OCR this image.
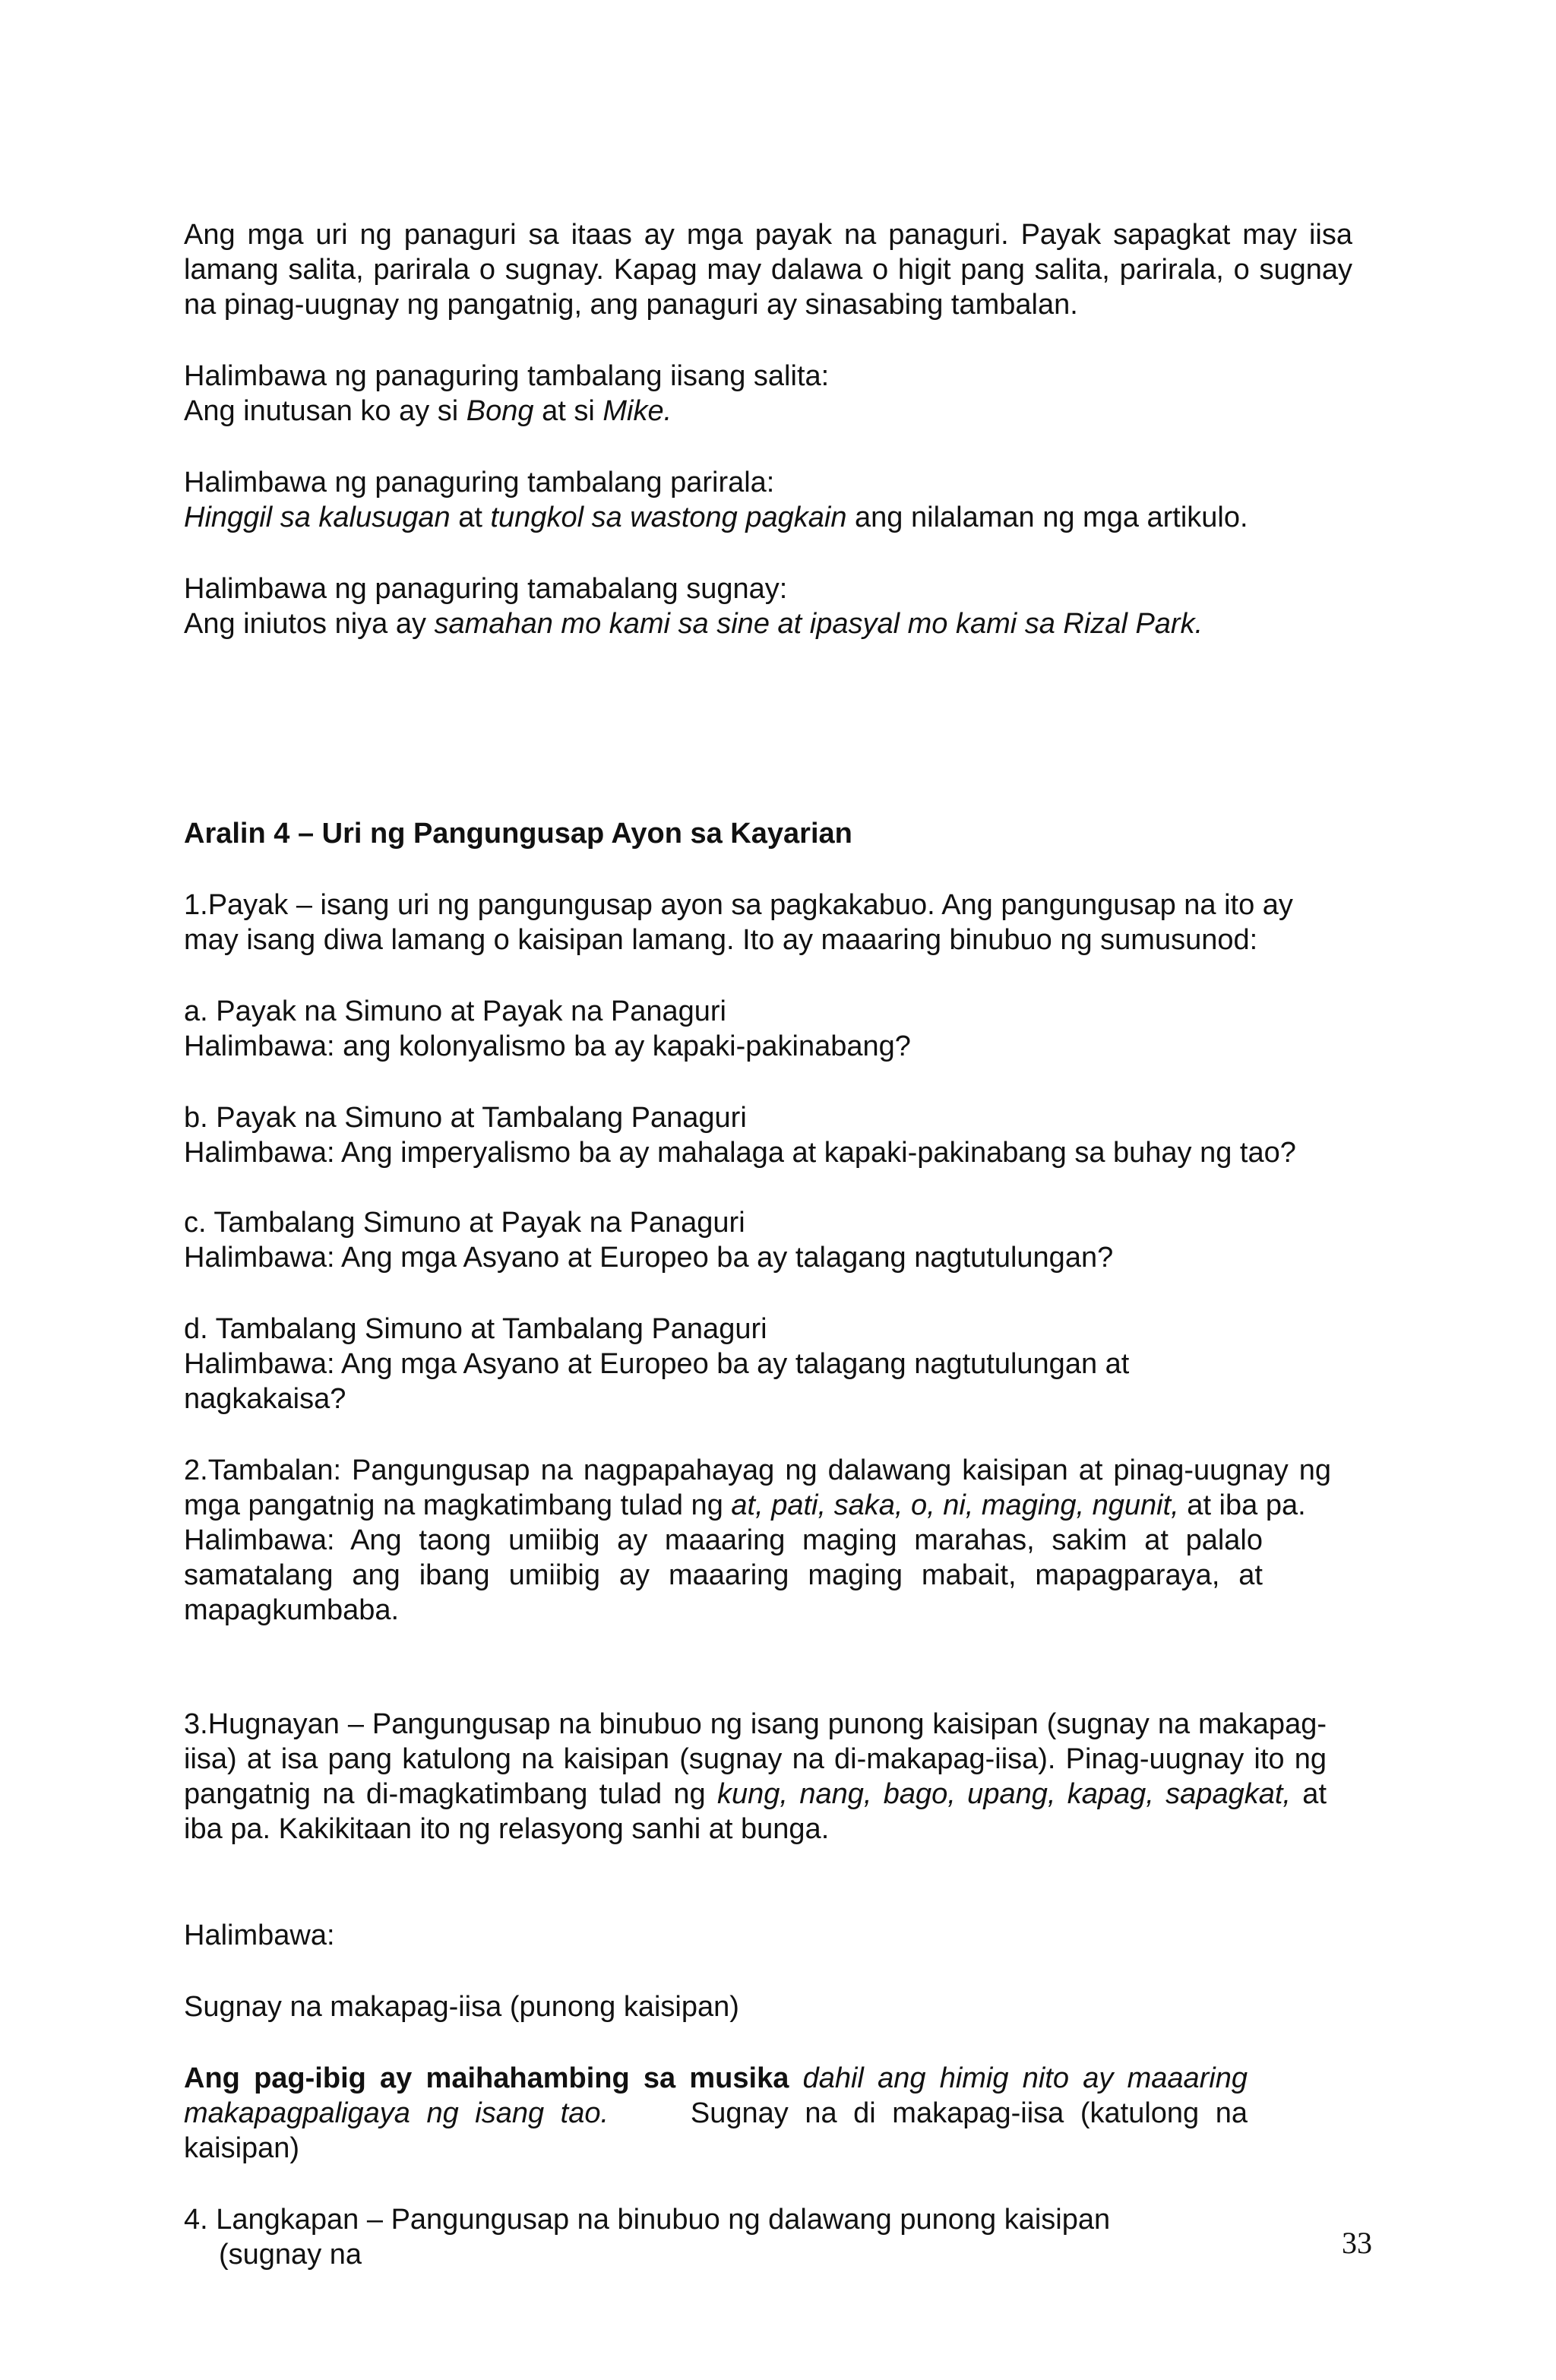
Ang mga uri ng panaguri sa itaas ay mga payak na panaguri. Payak sapagkat may iisa lamang salita, parirala o sugnay. Kapag may dalawa o higit pang salita, parirala, o sugnay na pinag-uugnay ng pangatnig, ang panaguri ay sinasabing tambalan.

Halimbawa ng panaguring tambalang iisang salita:

Ang inutusan ko ay si Bong at si Mike.

Halimbawa ng panaguring tambalang parirala:

Hinggil sa kalusugan at tungkol sa wastong pagkain ang nilalaman ng mga artikulo.

Halimbawa ng panaguring tamabalang sugnay:

Ang iniutos niya ay samahan mo kami sa sine at ipasyal mo kami sa Rizal Park.

Aralin 4 – Uri ng Pangungusap Ayon sa Kayarian

1.Payak – isang uri ng pangungusap ayon sa pagkakabuo. Ang pangungusap na ito ay

may isang diwa lamang o kaisipan lamang. Ito ay maaaring binubuo ng sumusunod:

a. Payak na Simuno at Payak na Panaguri

Halimbawa: ang kolonyalismo ba ay kapaki-pakinabang?

b. Payak na Simuno at Tambalang Panaguri

Halimbawa: Ang imperyalismo ba ay mahalaga at kapaki-pakinabang sa buhay ng tao?

c. Tambalang Simuno at Payak na Panaguri

Halimbawa: Ang mga Asyano at Europeo ba ay talagang nagtutulungan?

d. Tambalang Simuno at Tambalang Panaguri

Halimbawa: Ang mga Asyano at Europeo ba ay talagang nagtutulungan at nagkakaisa?

2.Tambalan: Pangungusap na nagpapahayag ng dalawang kaisipan at pinag-uugnay ng mga pangatnig na magkatimbang tulad ng at, pati, saka, o, ni, maging, ngunit, at iba pa.

Halimbawa: Ang taong umiibig ay maaaring maging marahas, sakim at palalo samatalang ang ibang umiibig ay maaaring maging mabait, mapagparaya, at mapagkumbaba.

3.Hugnayan – Pangungusap na binubuo ng isang punong kaisipan (sugnay na makapag-iisa) at isa pang katulong na kaisipan (sugnay na di-makapag-iisa). Pinag-uugnay ito ng pangatnig na di-magkatimbang tulad ng kung, nang, bago, upang, kapag, sapagkat, at iba pa. Kakikitaan ito ng relasyong sanhi at bunga.

Halimbawa:
Sugnay na makapag-iisa (punong kaisipan)

Ang pag-ibig ay maihahambing sa musika dahil ang himig nito ay maaaring makapagpaligaya ng isang tao.     Sugnay na di makapag-iisa (katulong na kaisipan)

4. Langkapan – Pangungusap na binubuo ng dalawang punong kaisipan

(sugnay na	33
